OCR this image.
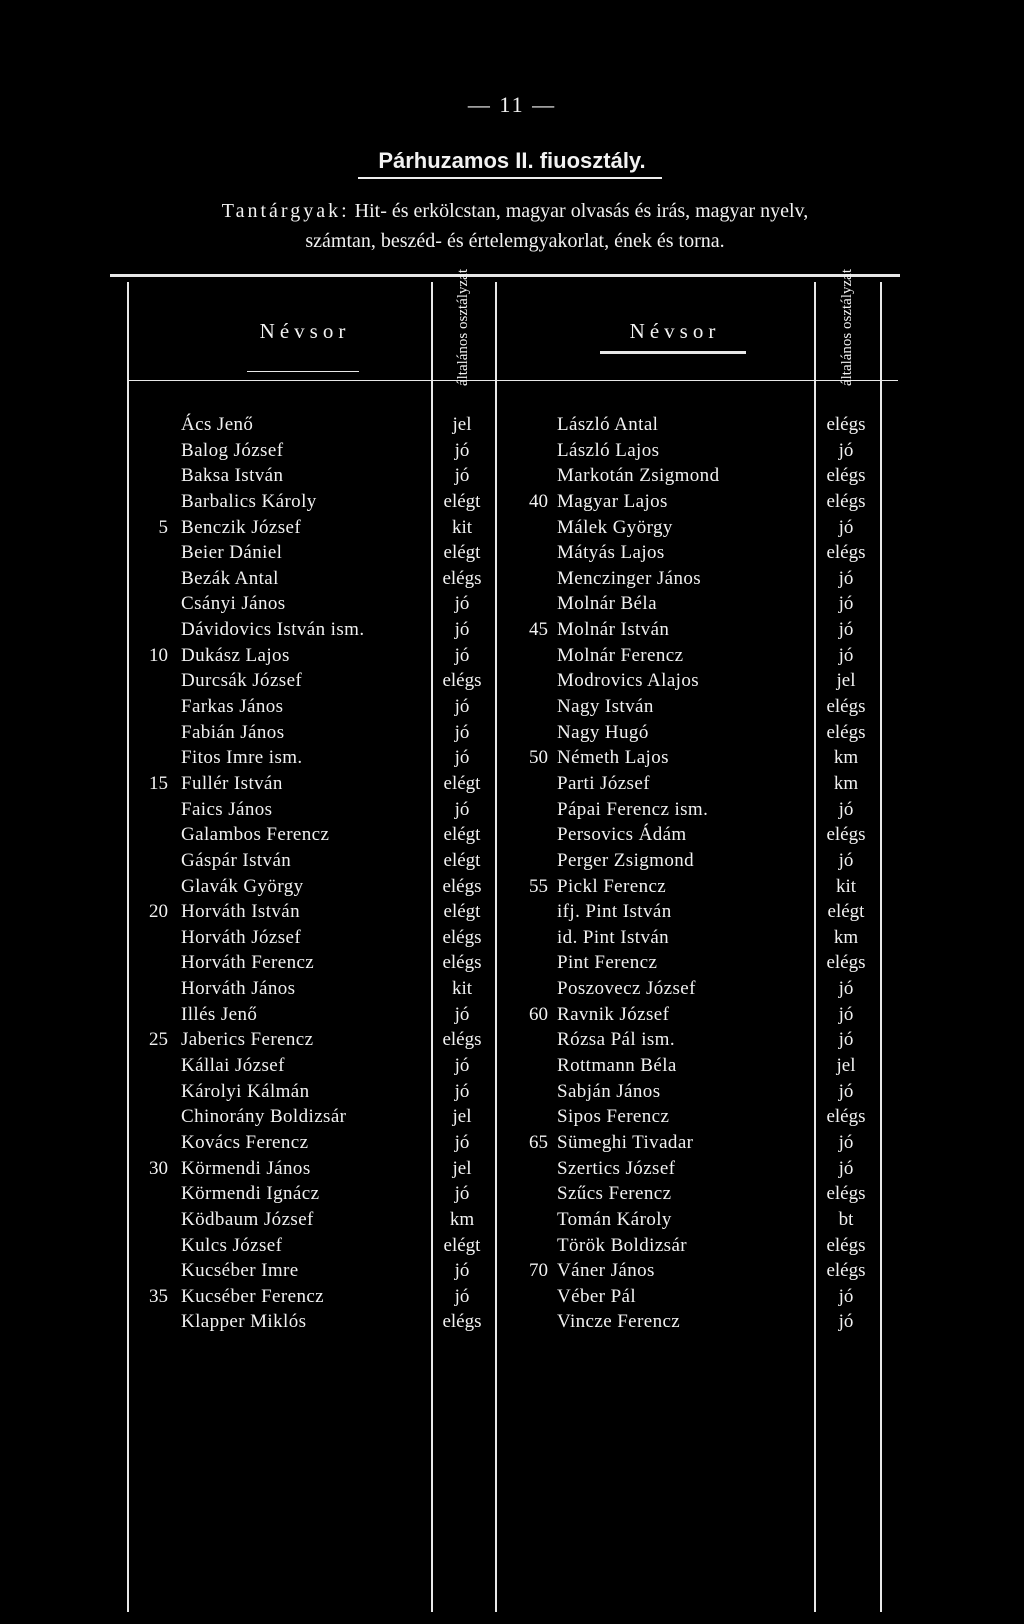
— 11 —
Párhuzamos II. fiuosztály.
Tantárgyak: Hit- és erkölcstan, magyar olvasás és irás, magyar nyelv,
számtan, beszéd- és értelemgyakorlat, ének és torna.
Névsor	általános osztályzat	Névsor	általános osztályzat
Ács Jenő	jel	László Antal	elégs
Balog József	jó	László Lajos	jó
Baksa István	jó	Markotán Zsigmond	elégs
Barbalics Károly	elégt	40 Magyar Lajos	elégs
5 Benczik József	kit	Málek György	jó
Beier Dániel	elégt	Mátyás Lajos	elégs
Bezák Antal	elégs	Menczinger János	jó
Csányi János	jó	Molnár Béla	jó
Dávidovics István ism.	jó	45 Molnár István	jó
10 Dukász Lajos	jó	Molnár Ferencz	jó
Durcsák József	elégs	Modrovics Alajos	jel
Farkas János	jó	Nagy István	elégs
Fabián János	jó	Nagy Hugó	elégs
Fitos Imre ism.	jó	50 Németh Lajos	km
15 Fullér István	elégt	Parti József	km
Faics János	jó	Pápai Ferencz ism.	jó
Galambos Ferencz	elégt	Persovics Ádám	elégs
Gáspár István	elégt	Perger Zsigmond	jó
Glavák György	elégs	55 Pickl Ferencz	kit
20 Horváth István	elégt	ifj. Pint István	elégt
Horváth József	elégs	id. Pint István	km
Horváth Ferencz	elégs	Pint Ferencz	elégs
Horváth János	kit	Poszovecz József	jó
Illés Jenő	jó	60 Ravnik József	jó
25 Jaberics Ferencz	elégs	Rózsa Pál ism.	jó
Kállai József	jó	Rottmann Béla	jel
Károlyi Kálmán	jó	Sabján János	jó
Chinorány Boldizsár	jel	Sipos Ferencz	elégs
Kovács Ferencz	jó	65 Sümeghi Tivadar	jó
30 Körmendi János	jel	Szertics József	jó
Körmendi Ignácz	jó	Szűcs Ferencz	elégs
Ködbaum József	km	Tomán Károly	bt
Kulcs József	elégt	Török Boldizsár	elégs
Kucséber Imre	jó	70 Váner János	elégs
35 Kucséber Ferencz	jó	Véber Pál	jó
Klapper Miklós	elégs	Vincze Ferencz	jó
